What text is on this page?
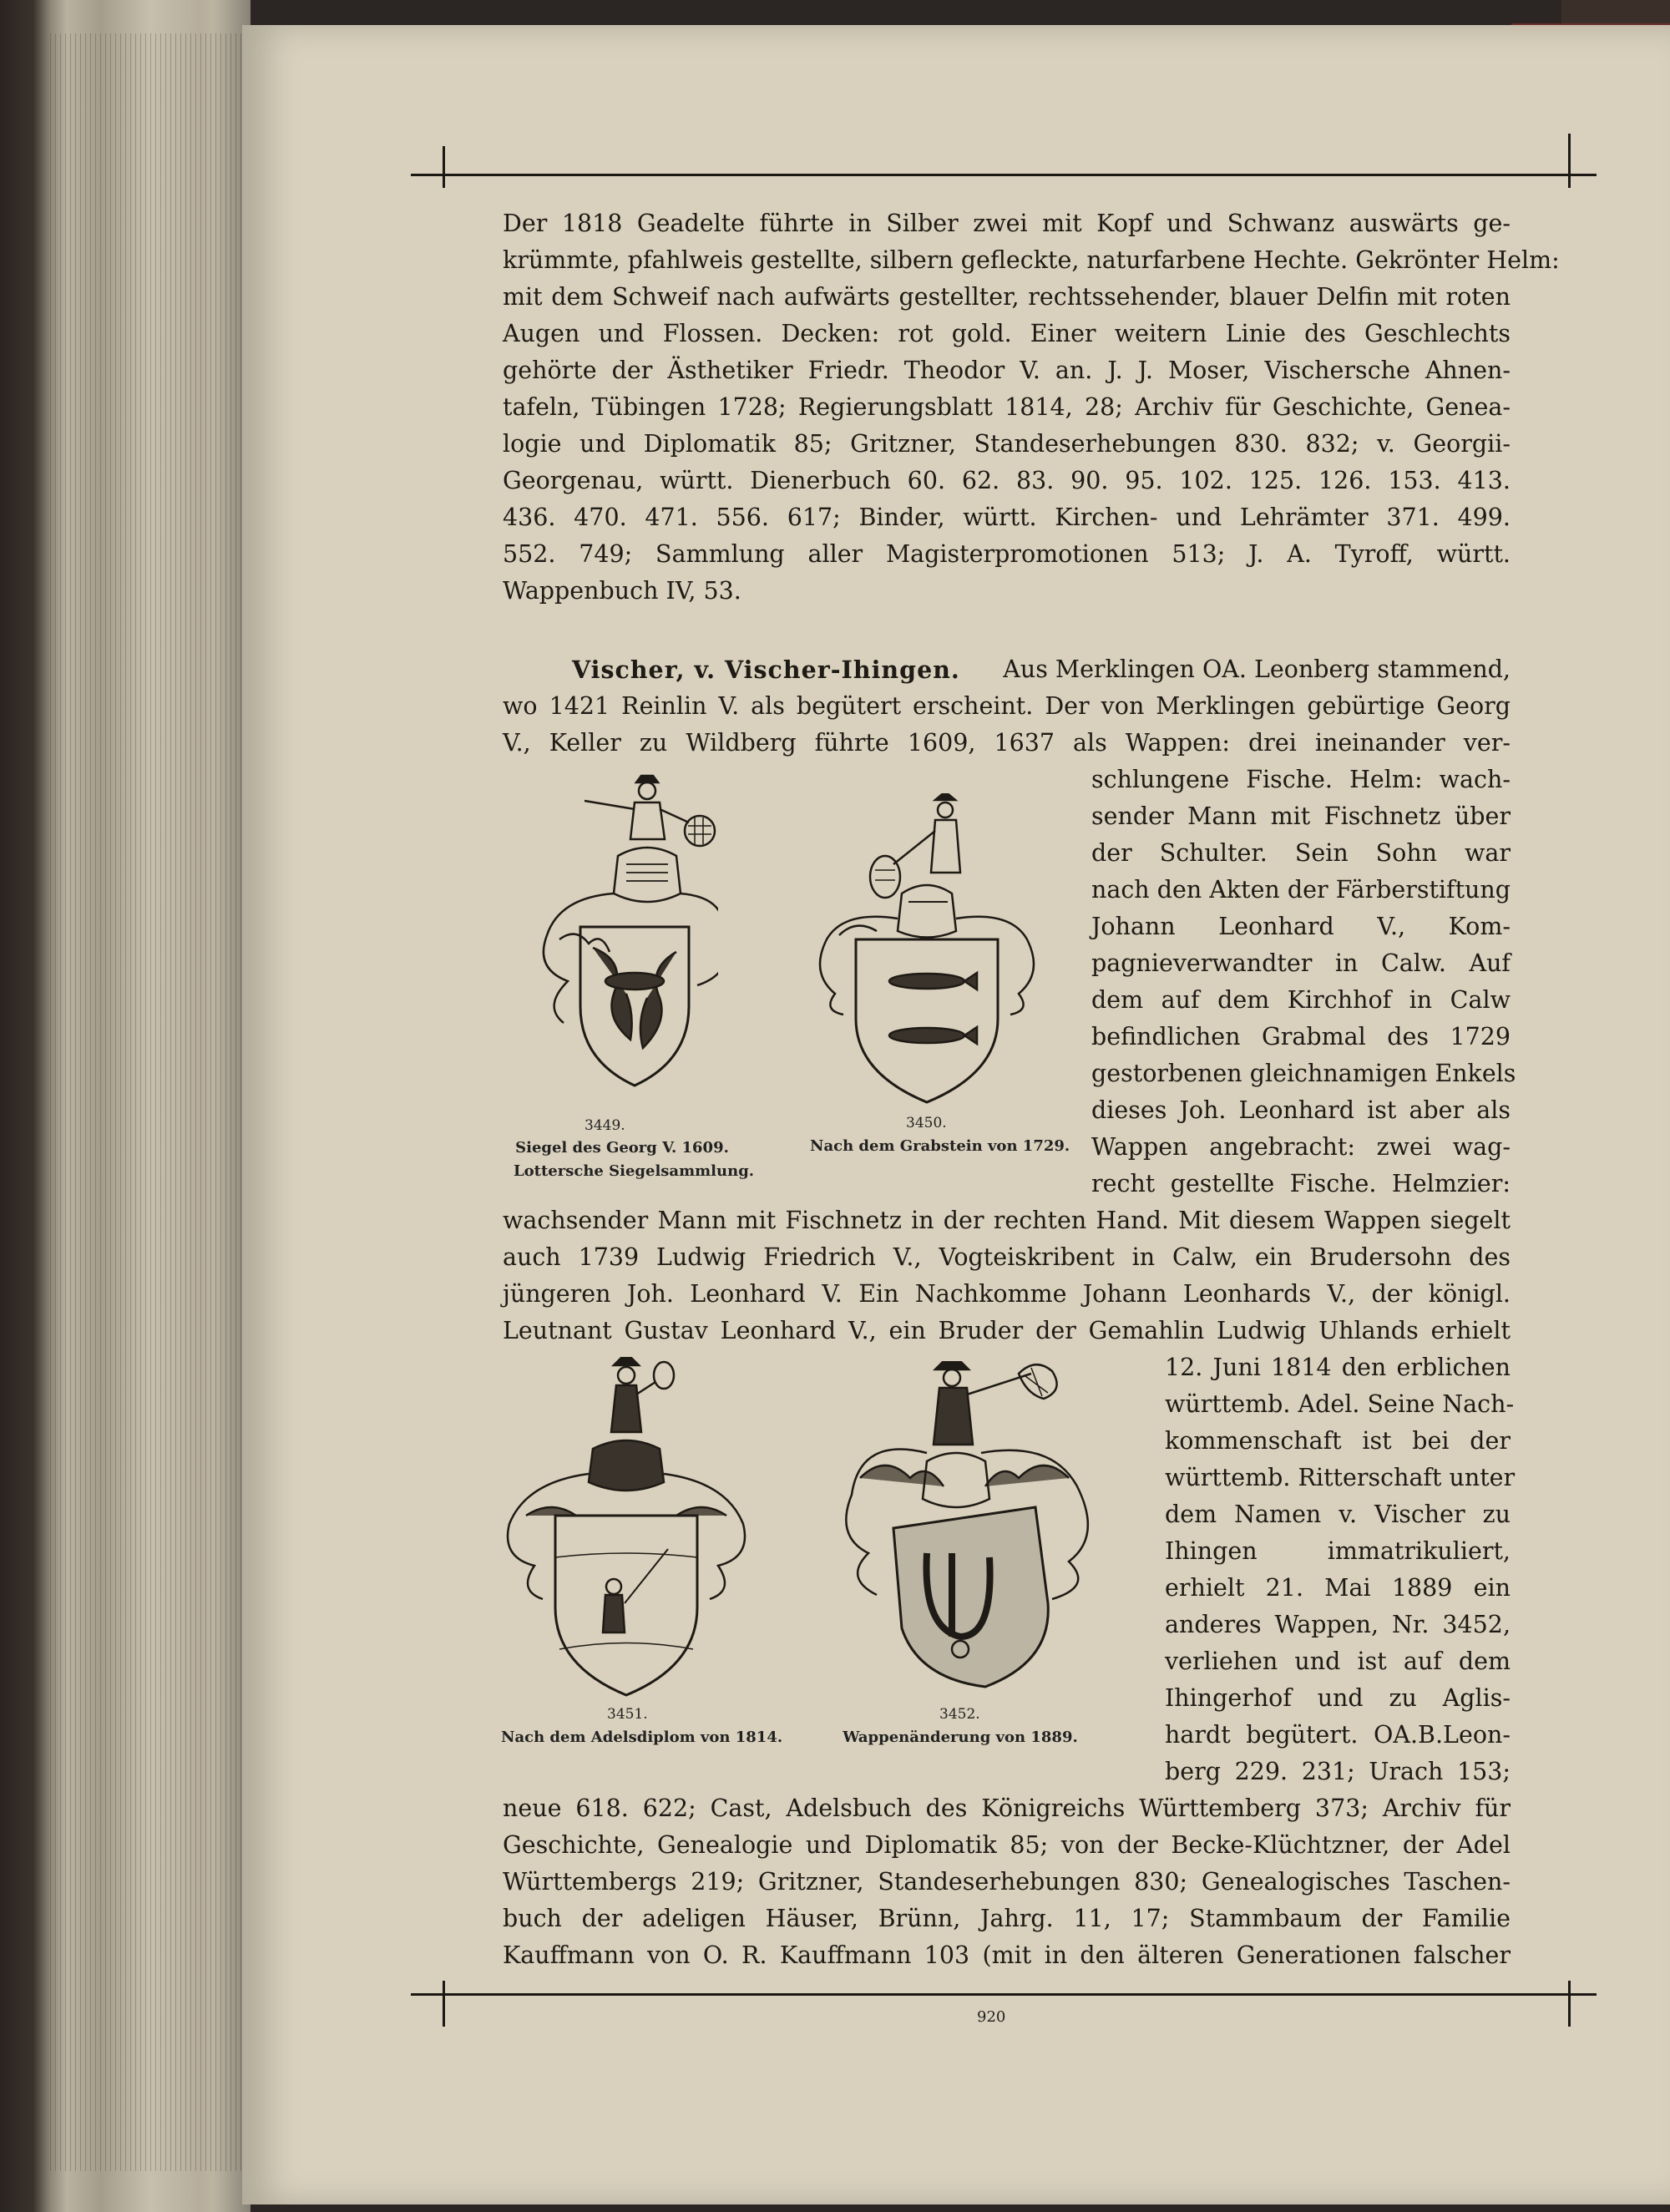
Der 1818 Geadelte führte in Silber zwei mit Kopf und Schwanz auswärts ge-
krümmte, pfahlweis gestellte, silbern gefleckte, naturfarbene Hechte. Gekrönter Helm:
mit dem Schweif nach aufwärts gestellter, rechtssehender, blauer Delfin mit roten
Augen und Flossen. Decken: rot gold. Einer weitern Linie des Geschlechts
gehörte der Ästhetiker Friedr. Theodor V. an. J. J. Moser, Vischersche Ahnen-
tafeln, Tübingen 1728; Regierungsblatt 1814, 28; Archiv für Geschichte, Genea-
logie und Diplomatik 85; Gritzner, Standeserhebungen 830. 832; v. Georgii-
Georgenau, württ. Dienerbuch 60. 62. 83. 90. 95. 102. 125. 126. 153. 413.
436. 470. 471. 556. 617; Binder, württ. Kirchen- und Lehrämter 371. 499.
552. 749; Sammlung aller Magisterpromotionen 513; J. A. Tyroff, württ.
Wappenbuch IV, 53.
Vischer, v. Vischer-Ihingen. Aus Merklingen OA. Leonberg stammend,
wo 1421 Reinlin V. als begütert erscheint. Der von Merklingen gebürtige Georg
V., Keller zu Wildberg führte 1609, 1637 als Wappen: drei ineinander ver-
schlungene Fische. Helm: wach-
sender Mann mit Fischnetz über
der Schulter. Sein Sohn war
nach den Akten der Färberstiftung
Johann Leonhard V., Kom-
pagnieverwandter in Calw. Auf
dem auf dem Kirchhof in Calw
befindlichen Grabmal des 1729
gestorbenen gleichnamigen Enkels
dieses Joh. Leonhard ist aber als
Wappen angebracht: zwei wag-
recht gestellte Fische. Helmzier:
wachsender Mann mit Fischnetz in der rechten Hand. Mit diesem Wappen siegelt
auch 1739 Ludwig Friedrich V., Vogteiskribent in Calw, ein Brudersohn des
jüngeren Joh. Leonhard V. Ein Nachkomme Johann Leonhards V., der königl.
Leutnant Gustav Leonhard V., ein Bruder der Gemahlin Ludwig Uhlands erhielt
12. Juni 1814 den erblichen
württemb. Adel. Seine Nach-
kommenschaft ist bei der
württemb. Ritterschaft unter
dem Namen v. Vischer zu
Ihingen immatrikuliert,
erhielt 21. Mai 1889 ein
anderes Wappen, Nr. 3452,
verliehen und ist auf dem
Ihingerhof und zu Aglis-
hardt begütert. OA.B.Leon-
berg 229. 231; Urach 153;
neue 618. 622; Cast, Adelsbuch des Königreichs Württemberg 373; Archiv für
Geschichte, Genealogie und Diplomatik 85; von der Becke-Klüchtzner, der Adel
Württembergs 219; Gritzner, Standeserhebungen 830; Genealogisches Taschen-
buch der adeligen Häuser, Brünn, Jahrg. 11, 17; Stammbaum der Familie
Kauffmann von O. R. Kauffmann 103 (mit in den älteren Generationen falscher
3449.
Siegel des Georg V. 1609.
Lottersche Siegelsammlung.
3450.
Nach dem Grabstein von 1729.
3451.
Nach dem Adelsdiplom von 1814.
3452.
Wappenänderung von 1889.
920
